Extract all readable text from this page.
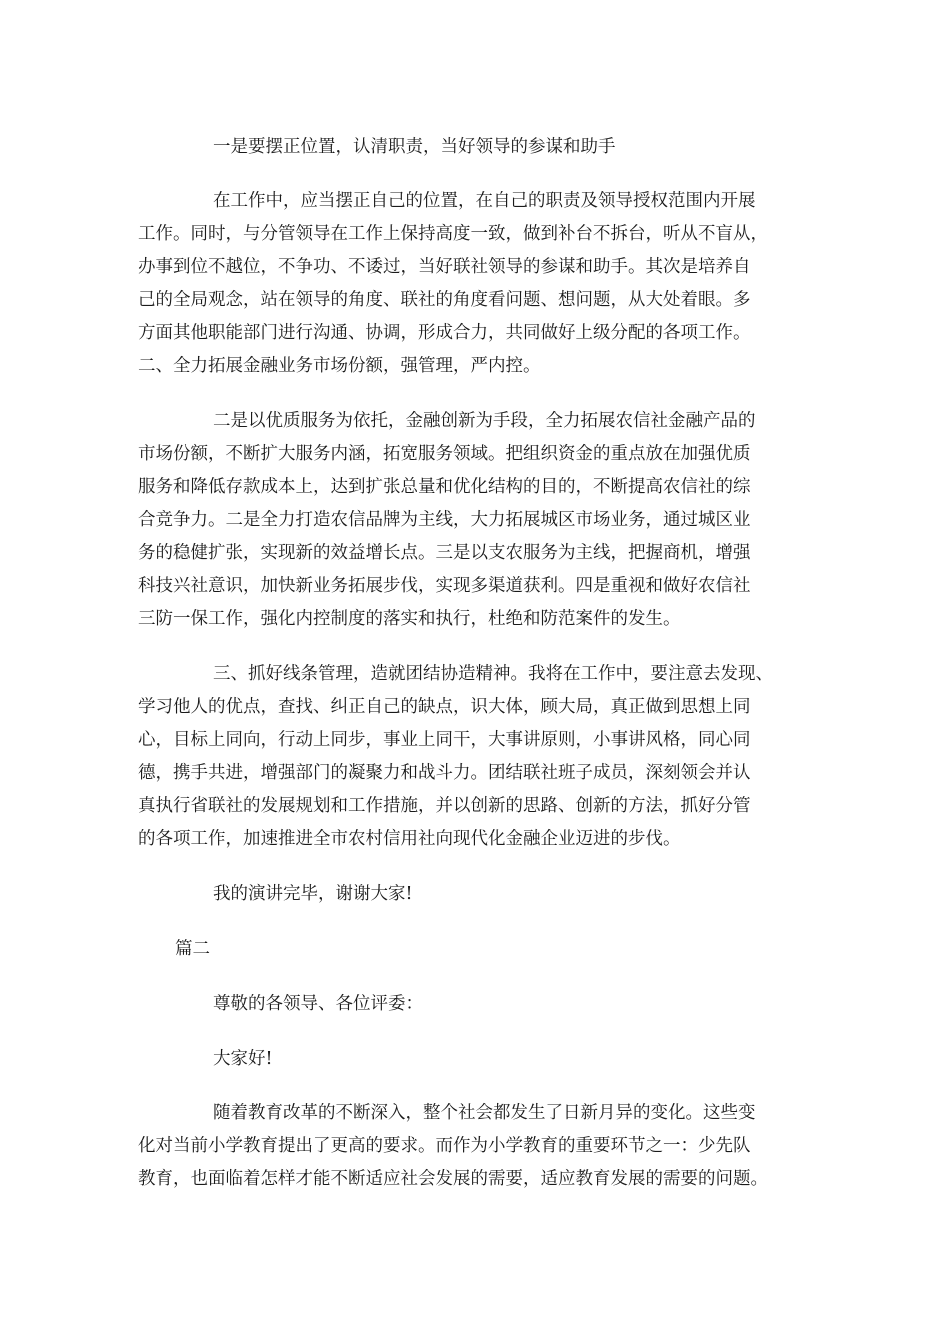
一是要摆正位置，认清职责，当好领导的参谋和助手
在工作中，应当摆正自己的位置，在自己的职责及领导授权范围内开展
工作。同时，与分管领导在工作上保持高度一致，做到补台不拆台，听从不盲从，
办事到位不越位，不争功、不诿过，当好联社领导的参谋和助手。其次是培养自
己的全局观念，站在领导的角度、联社的角度看问题、想问题，从大处着眼。多
方面其他职能部门进行沟通、协调，形成合力，共同做好上级分配的各项工作。
二、全力拓展金融业务市场份额，强管理，严内控。
二是以优质服务为依托，金融创新为手段，全力拓展农信社金融产品的
市场份额，不断扩大服务内涵，拓宽服务领域。把组织资金的重点放在加强优质
服务和降低存款成本上，达到扩张总量和优化结构的目的，不断提高农信社的综
合竞争力。二是全力打造农信品牌为主线，大力拓展城区市场业务，通过城区业
务的稳健扩张，实现新的效益增长点。三是以支农服务为主线，把握商机，增强
科技兴社意识，加快新业务拓展步伐，实现多渠道获利。四是重视和做好农信社
三防一保工作，强化内控制度的落实和执行，杜绝和防范案件的发生。
三、抓好线条管理，造就团结协造精神。我将在工作中，要注意去发现、
学习他人的优点，查找、纠正自己的缺点，识大体，顾大局，真正做到思想上同
心，目标上同向，行动上同步，事业上同干，大事讲原则，小事讲风格，同心同
德，携手共进，增强部门的凝聚力和战斗力。团结联社班子成员，深刻领会并认
真执行省联社的发展规划和工作措施，并以创新的思路、创新的方法，抓好分管
的各项工作，加速推进全市农村信用社向现代化金融企业迈进的步伐。
我的演讲完毕，谢谢大家!
篇二
尊敬的各领导、各位评委：
大家好!
随着教育改革的不断深入，整个社会都发生了日新月异的变化。这些变
化对当前小学教育提出了更高的要求。而作为小学教育的重要环节之一：少先队
教育，也面临着怎样才能不断适应社会发展的需要，适应教育发展的需要的问题。
